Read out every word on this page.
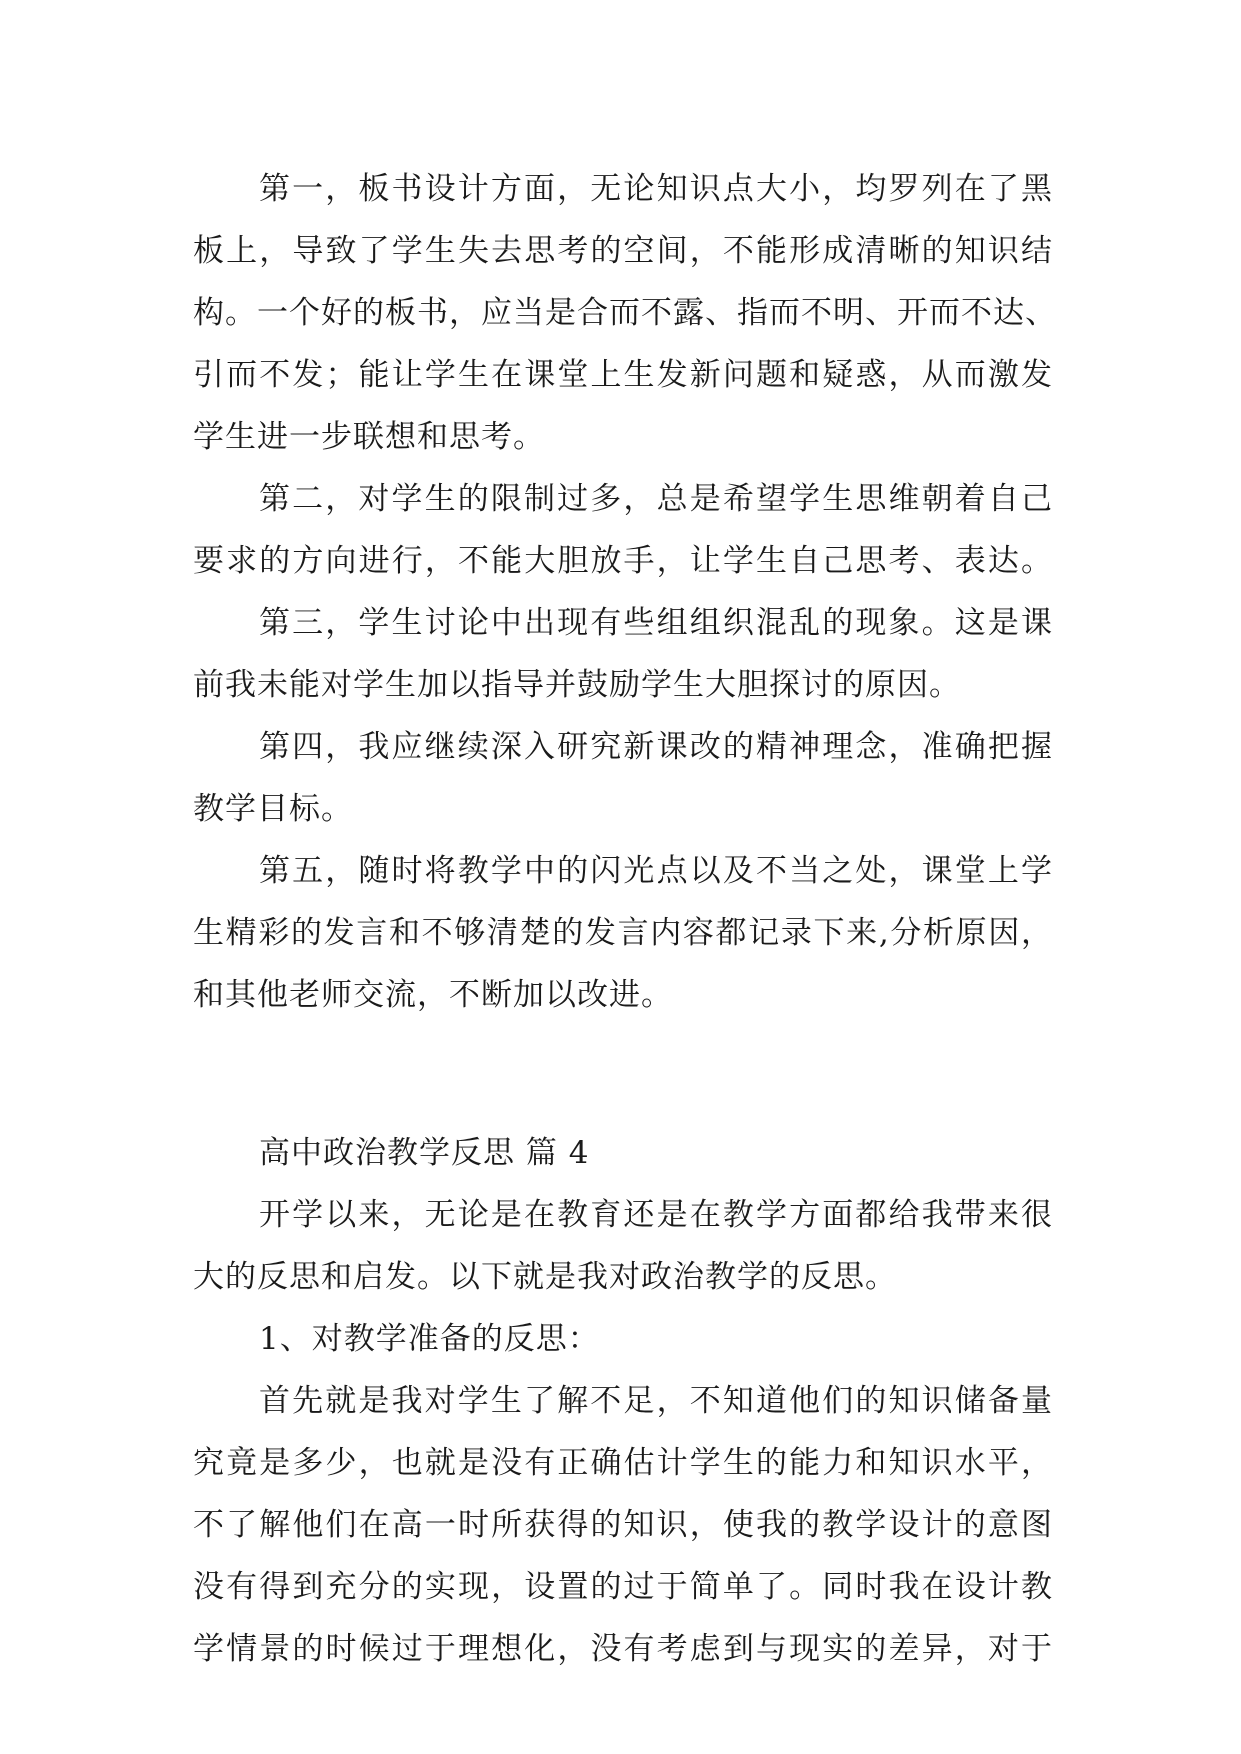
第一，板书设计方面，无论知识点大小，均罗列在了黑
板上，导致了学生失去思考的空间，不能形成清晰的知识结
构。一个好的板书，应当是合而不露、指而不明、开而不达、
引而不发；能让学生在课堂上生发新问题和疑惑，从而激发
学生进一步联想和思考。
第二，对学生的限制过多，总是希望学生思维朝着自己
要求的方向进行，不能大胆放手，让学生自己思考、表达。
第三，学生讨论中出现有些组组织混乱的现象。这是课
前我未能对学生加以指导并鼓励学生大胆探讨的原因。
第四，我应继续深入研究新课改的精神理念，准确把握
教学目标。
第五，随时将教学中的闪光点以及不当之处，课堂上学
生精彩的发言和不够清楚的发言内容都记录下来,分析原因，
和其他老师交流，不断加以改进。
高中政治教学反思 篇 4
开学以来，无论是在教育还是在教学方面都给我带来很
大的反思和启发。以下就是我对政治教学的反思。
1、对教学准备的反思：
首先就是我对学生了解不足，不知道他们的知识储备量
究竟是多少，也就是没有正确估计学生的能力和知识水平，
不了解他们在高一时所获得的知识，使我的教学设计的意图
没有得到充分的实现，设置的过于简单了。同时我在设计教
学情景的时候过于理想化，没有考虑到与现实的差异，对于
